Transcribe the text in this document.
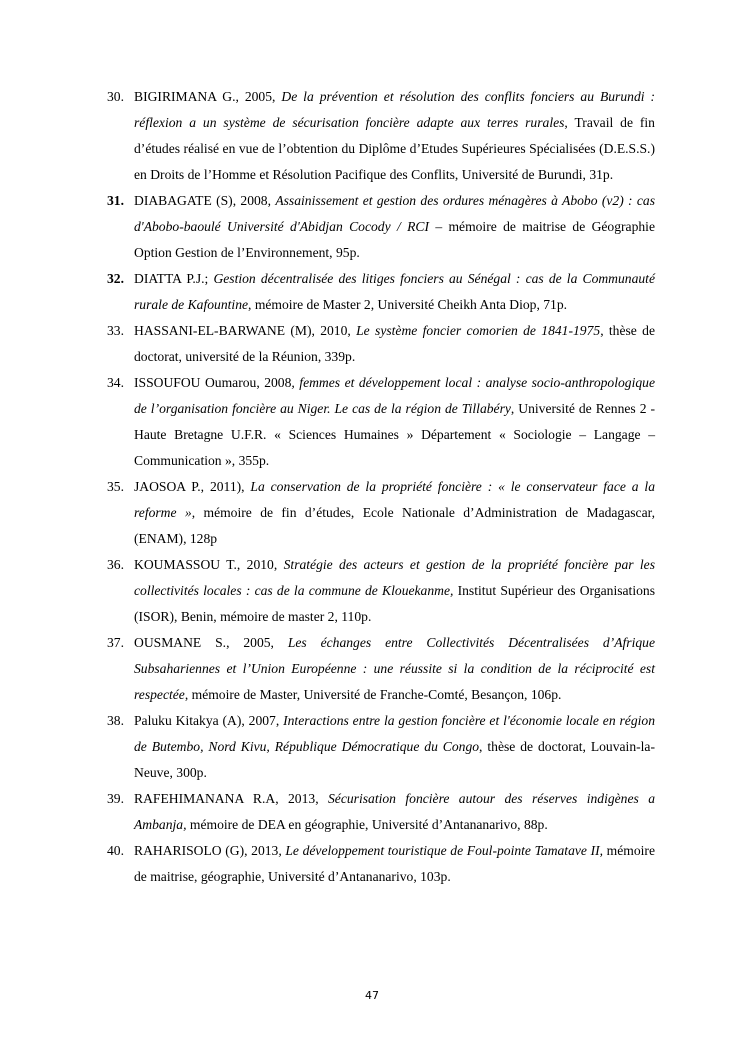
30. BIGIRIMANA G., 2005, De la prévention et résolution des conflits fonciers au Burundi : réflexion a un système de sécurisation foncière adapte aux terres rurales, Travail de fin d’études réalisé en vue de l’obtention du Diplôme d’Etudes Supérieures Spécialisées (D.E.S.S.) en Droits de l’Homme et Résolution Pacifique des Conflits, Université de Burundi, 31p.
31. DIABAGATE (S), 2008, Assainissement et gestion des ordures ménagères à Abobo (v2) : cas d'Abobo-baoulé Université d'Abidjan Cocody / RCI – mémoire de maitrise de Géographie Option Gestion de l’Environnement, 95p.
32. DIATTA P.J.; Gestion décentralisée des litiges fonciers au Sénégal : cas de la Communauté rurale de Kafountine, mémoire de Master 2, Université Cheikh Anta Diop, 71p.
33. HASSANI-EL-BARWANE (M), 2010, Le système foncier comorien de 1841-1975, thèse de doctorat, université de la Réunion, 339p.
34. ISSOUFOU Oumarou, 2008, femmes et développement local : analyse socio-anthropologique de l’organisation foncière au Niger. Le cas de la région de Tillabéry, Université de Rennes 2 - Haute Bretagne U.F.R. « Sciences Humaines » Département « Sociologie – Langage – Communication », 355p.
35. JAOSOA P., 2011), La conservation de la propriété foncière : « le conservateur face a la reforme », mémoire de fin d’études, Ecole Nationale d’Administration de Madagascar, (ENAM), 128p
36. KOUMASSOU T., 2010, Stratégie des acteurs et gestion de la propriété foncière par les collectivités locales : cas de la commune de Klouekanme, Institut Supérieur des Organisations (ISOR), Benin, mémoire de master 2, 110p.
37. OUSMANE S., 2005, Les échanges entre Collectivités Décentralisées d’Afrique Subsahariennes et l’Union Européenne : une réussite si la condition de la réciprocité est respectée, mémoire de Master, Université de Franche-Comté, Besançon, 106p.
38. Paluku Kitakya (A), 2007, Interactions entre la gestion foncière et l'économie locale en région de Butembo, Nord Kivu, République Démocratique du Congo, thèse de doctorat, Louvain-la-Neuve, 300p.
39. RAFEHIMANANA R.A, 2013, Sécurisation foncière autour des réserves indigènes a Ambanja, mémoire de DEA en géographie, Université d’Antananarivo, 88p.
40. RAHARISOLO (G), 2013, Le développement touristique de Foul-pointe Tamatave II, mémoire de maitrise, géographie, Université d’Antananarivo, 103p.
47
